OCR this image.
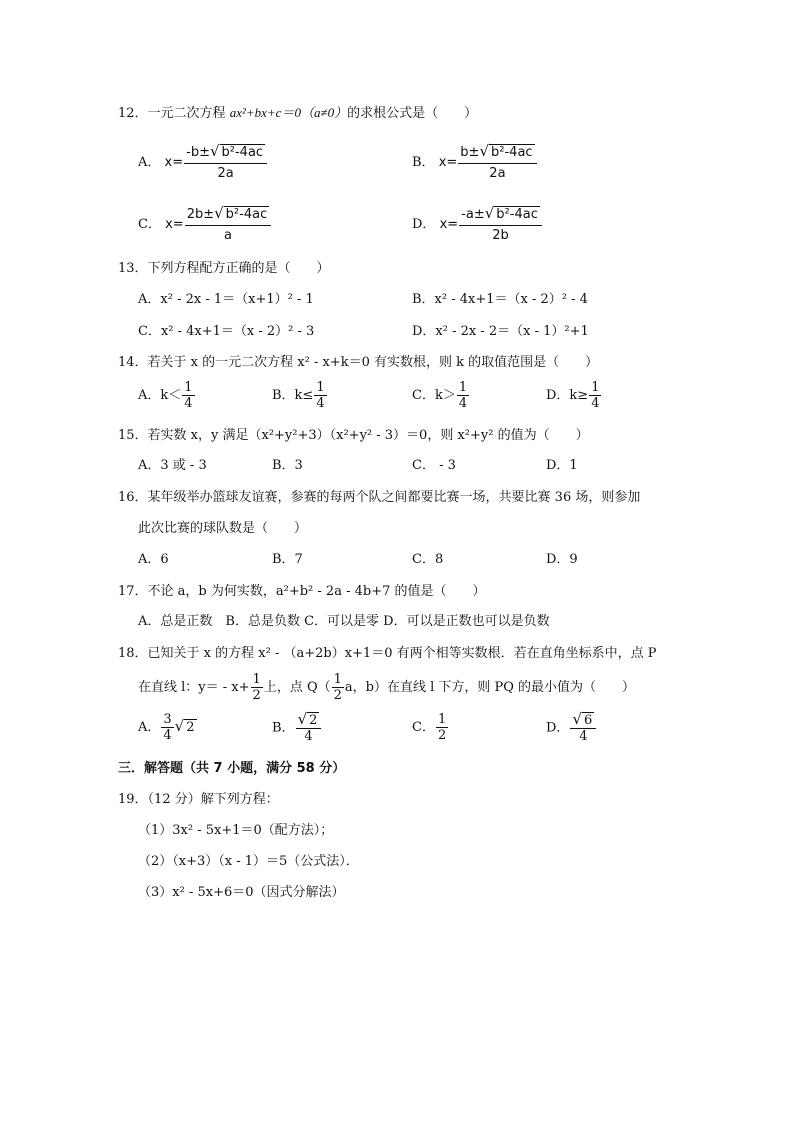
12．一元二次方程 ax²+bx+c＝0（a≠0）的求根公式是（　　）
A． $x= \frac{\text{-b±√ b²-4ac}}{2a}$	B． $x= \frac{\text{b±√ b²-4ac}}{2a}$
C． $x= \frac{\text{2b±√ b²-4ac}}{a}$	D． $x= \frac{\text{-a±√ b²-4ac}}{2b}$
13．下列方程配方正确的是（　　）
A．x² - 2x - 1＝（x+1）² - 1	B．x² - 4x+1＝（x - 2）² - 4
C．x² - 4x+1＝（x - 2）² - 3	D．x² - 2x - 2＝（x - 1）²+1
14．若关于 x 的一元二次方程 x² - x+k＝0 有实数根，则 k 的取值范围是（　　）
A．$k< \frac{1}{4}$	B．$k\le \frac{1}{4}$	C．$k> \frac{1}{4}$	D．$k\ge \frac{1}{4}$
15．若实数 x，y 满足（x²+y²+3）（x²+y² - 3）＝0，则 x²+y² 的值为（　　）
A．3 或 - 3	B．3	C． - 3	D．1
16．某年级举办篮球友谊赛，参赛的每两个队之间都要比赛一场，共要比赛 36 场，则参加
此次比赛的球队数是（　　）
A．6	B．7	C．8	D．9
17．不论 a，b 为何实数，a²+b² - 2a - 4b+7 的值是（　　）
A．总是正数　B．总是负数 C．可以是零 D．可以是正数也可以是负数
18．已知关于 x 的方程 x² - （a+2b）x+1＝0 有两个相等实数根．若在直角坐标系中，点 P
在直线 l：$y= - x+ \frac{1}{2}$ 上，点 $Q( \frac{1}{2}$ a，b）在直线 l 下方，则 PQ 的最小值为（　　）
A． $\frac{3}{4}$ √ 2	B． $\frac{√ 2}{4}$	C． $\frac{1}{2}$	D． $\frac{√ 6}{4}$
三．解答题（共 7 小题，满分 58 分）
19．（12 分）解下列方程：
（1）3x² - 5x+1＝0（配方法）；
（2）（x+3）（x - 1）＝5（公式法）．
（3）x² - 5x+6＝0（因式分解法）
